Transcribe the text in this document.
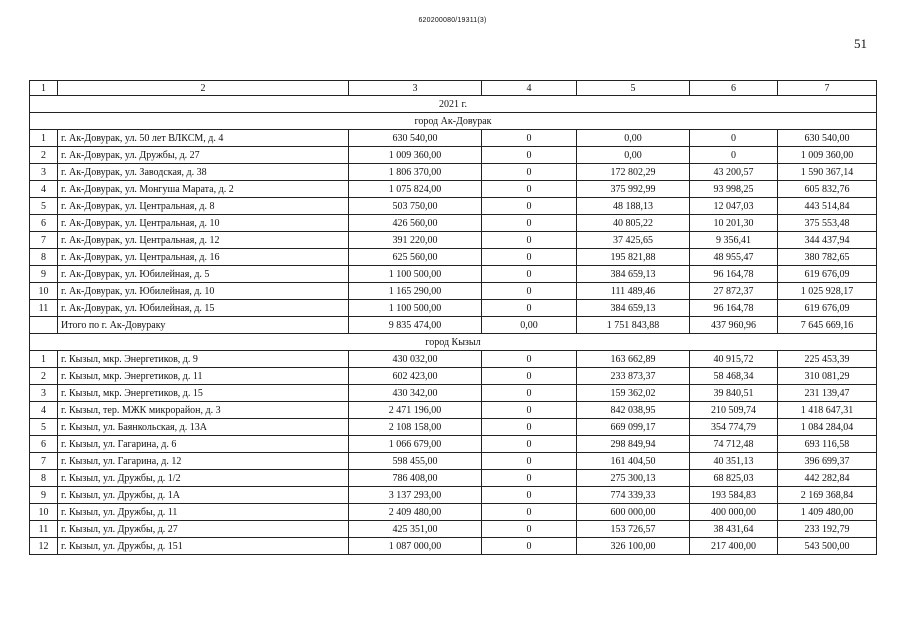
620200080/19311(3)
51
1	2	3	4	5	6	7
2021 г.						
город Ак-Довурак						
1	г. Ак-Довурак, ул. 50 лет ВЛКСМ, д. 4	630 540,00	0	0,00	0	630 540,00
2	г. Ак-Довурак, ул. Дружбы, д. 27	1 009 360,00	0	0,00	0	1 009 360,00
3	г. Ак-Довурак, ул. Заводская, д. 38	1 806 370,00	0	172 802,29	43 200,57	1 590 367,14
4	г. Ак-Довурак, ул. Монгуша Марата, д. 2	1 075 824,00	0	375 992,99	93 998,25	605 832,76
5	г. Ак-Довурак, ул. Центральная, д. 8	503 750,00	0	48 188,13	12 047,03	443 514,84
6	г. Ак-Довурак, ул. Центральная, д. 10	426 560,00	0	40 805,22	10 201,30	375 553,48
7	г. Ак-Довурак, ул. Центральная, д. 12	391 220,00	0	37 425,65	9 356,41	344 437,94
8	г. Ак-Довурак, ул. Центральная, д. 16	625 560,00	0	195 821,88	48 955,47	380 782,65
9	г. Ак-Довурак, ул. Юбилейная, д. 5	1 100 500,00	0	384 659,13	96 164,78	619 676,09
10	г. Ак-Довурак, ул. Юбилейная, д. 10	1 165 290,00	0	111 489,46	27 872,37	1 025 928,17
11	г. Ак-Довурак, ул. Юбилейная, д. 15	1 100 500,00	0	384 659,13	96 164,78	619 676,09
	Итого по г. Ак-Довураку	9 835 474,00	0,00	1 751 843,88	437 960,96	7 645 669,16
город Кызыл						
1	г. Кызыл, мкр. Энергетиков, д. 9	430 032,00	0	163 662,89	40 915,72	225 453,39
2	г. Кызыл, мкр. Энергетиков, д. 11	602 423,00	0	233 873,37	58 468,34	310 081,29
3	г. Кызыл, мкр. Энергетиков, д. 15	430 342,00	0	159 362,02	39 840,51	231 139,47
4	г. Кызыл, тер. МЖК микрорайон, д. 3	2 471 196,00	0	842 038,95	210 509,74	1 418 647,31
5	г. Кызыл, ул. Баянкольская, д. 13А	2 108 158,00	0	669 099,17	354 774,79	1 084 284,04
6	г. Кызыл, ул. Гагарина, д. 6	1 066 679,00	0	298 849,94	74 712,48	693 116,58
7	г. Кызыл, ул. Гагарина, д. 12	598 455,00	0	161 404,50	40 351,13	396 699,37
8	г. Кызыл, ул. Дружбы, д. 1/2	786 408,00	0	275 300,13	68 825,03	442 282,84
9	г. Кызыл, ул. Дружбы, д. 1А	3 137 293,00	0	774 339,33	193 584,83	2 169 368,84
10	г. Кызыл, ул. Дружбы, д. 11	2 409 480,00	0	600 000,00	400 000,00	1 409 480,00
11	г. Кызыл, ул. Дружбы, д. 27	425 351,00	0	153 726,57	38 431,64	233 192,79
12	г. Кызыл, ул. Дружбы, д. 151	1 087 000,00	0	326 100,00	217 400,00	543 500,00
